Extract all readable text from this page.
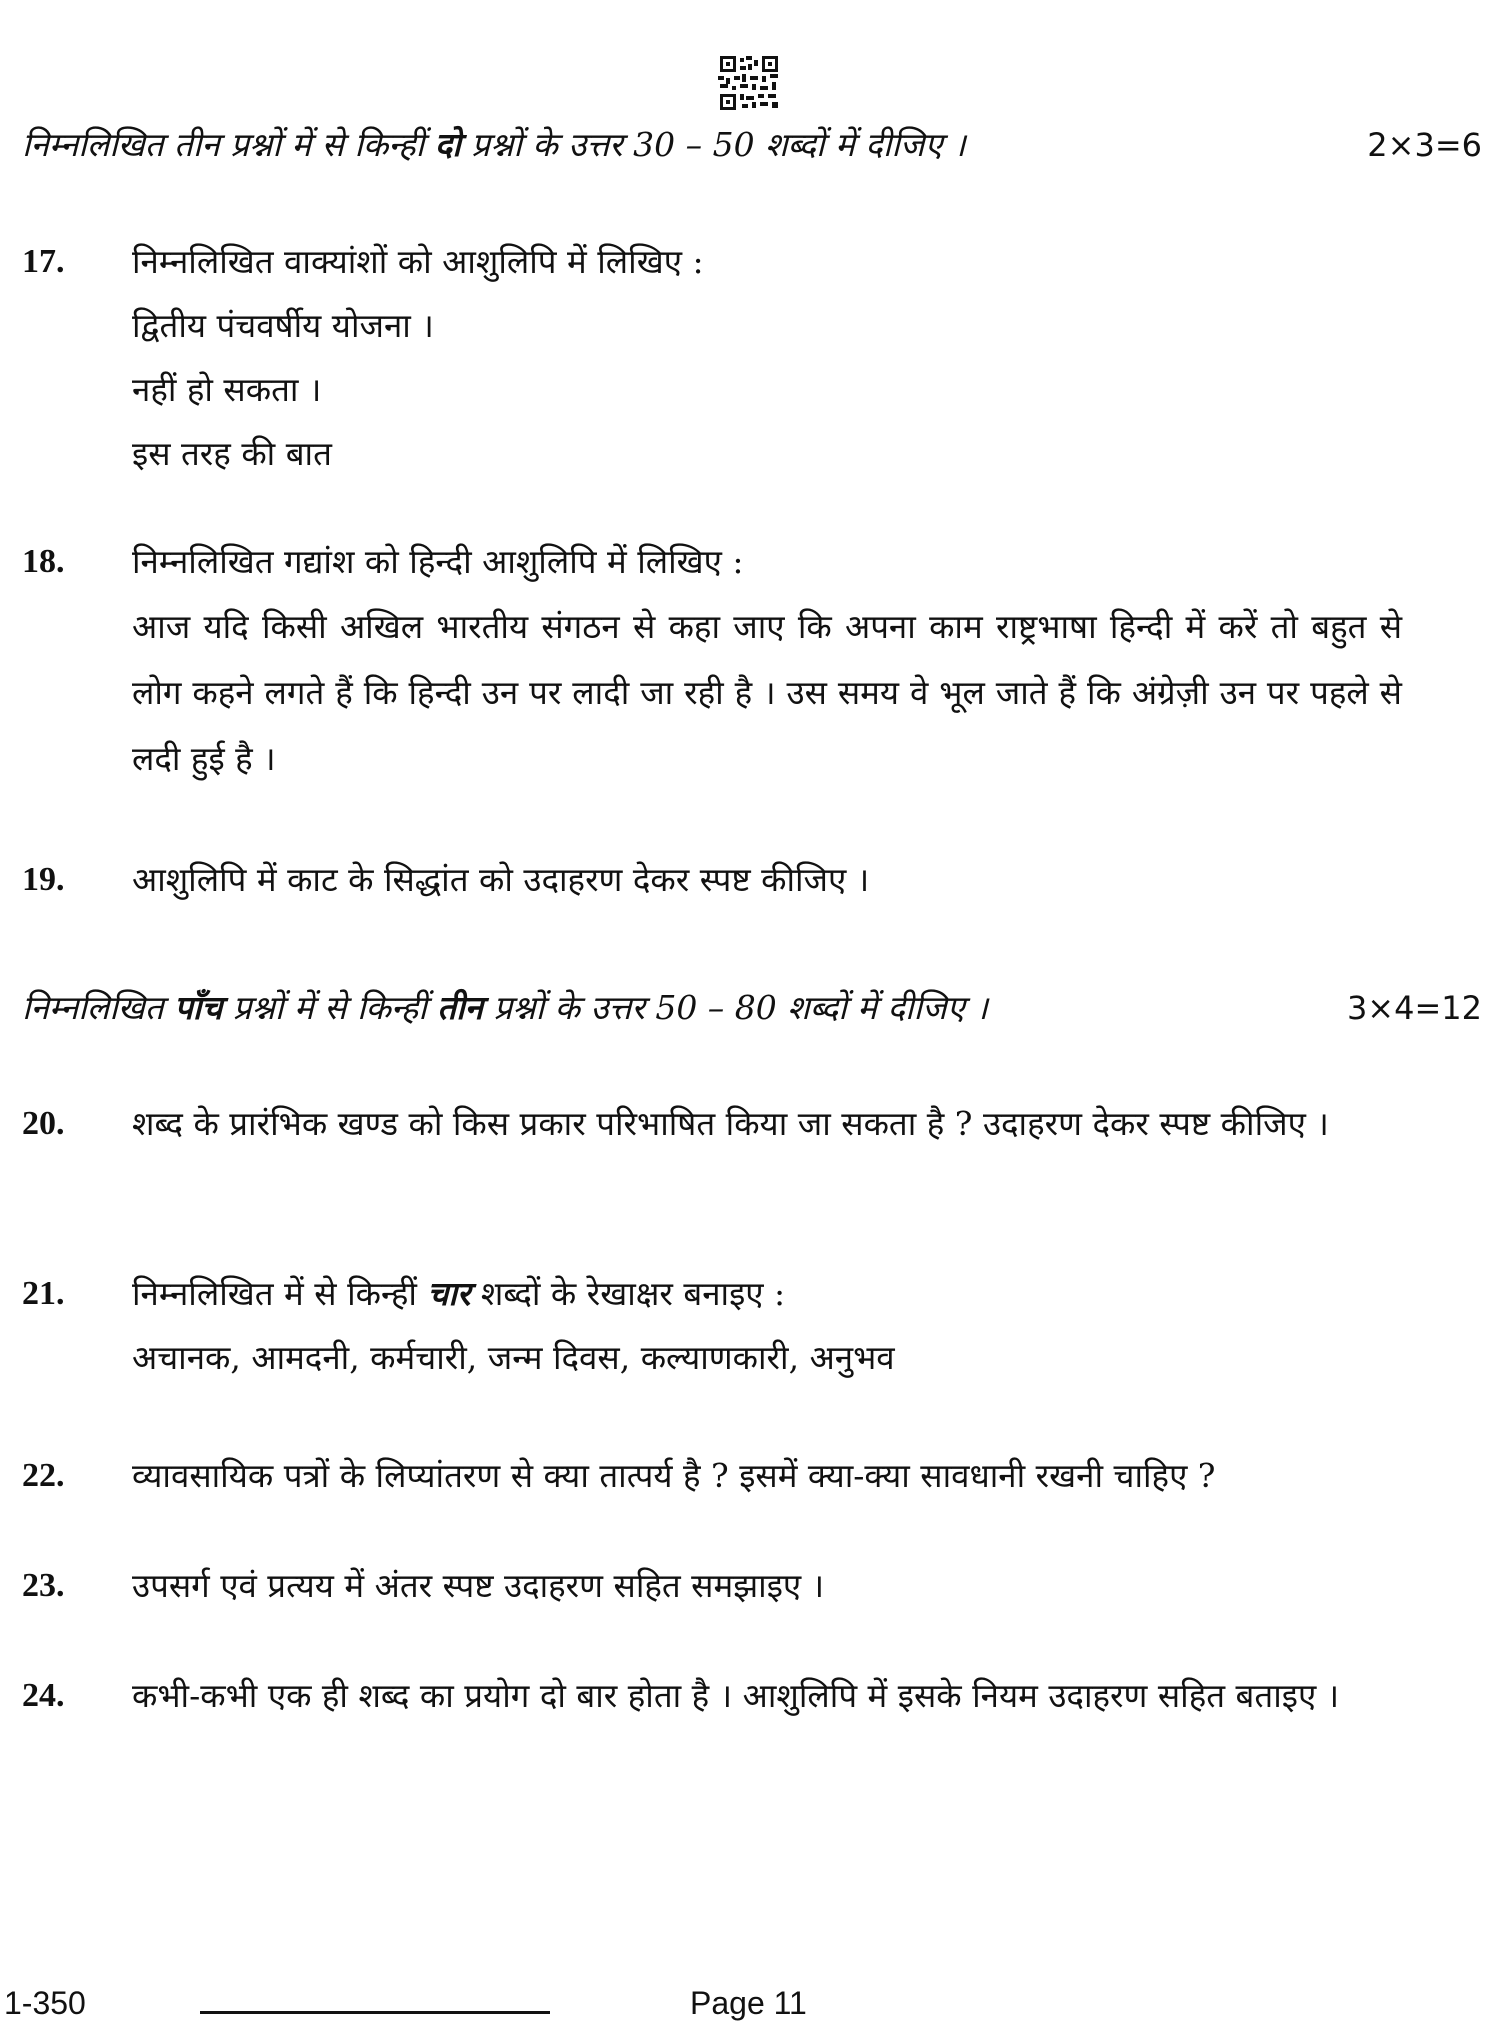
निम्नलिखित तीन प्रश्नों में से किन्हीं दो प्रश्नों के उत्तर 30 – 50 शब्दों में दीजिए ।	2×3=6
17.	निम्नलिखित वाक्यांशों को आशुलिपि में लिखिए :
द्वितीय पंचवर्षीय योजना ।
नहीं हो सकता ।
इस तरह की बात
18.	निम्नलिखित गद्यांश को हिन्दी आशुलिपि में लिखिए :
आज यदि किसी अखिल भारतीय संगठन से कहा जाए कि अपना काम राष्ट्रभाषा हिन्दी में करें तो बहुत से लोग कहने लगते हैं कि हिन्दी उन पर लादी जा रही है । उस समय वे भूल जाते हैं कि अंग्रेज़ी उन पर पहले से लदी हुई है ।
19.	आशुलिपि में काट के सिद्धांत को उदाहरण देकर स्पष्ट कीजिए ।
निम्नलिखित पाँच प्रश्नों में से किन्हीं तीन प्रश्नों के उत्तर 50 – 80 शब्दों में दीजिए ।	3×4=12
20.	शब्द के प्रारंभिक खण्ड को किस प्रकार परिभाषित किया जा सकता है ? उदाहरण देकर स्पष्ट कीजिए ।
21.	निम्नलिखित में से किन्हीं चार शब्दों के रेखाक्षर बनाइए :
अचानक, आमदनी, कर्मचारी, जन्म दिवस, कल्याणकारी, अनुभव
22.	व्यावसायिक पत्रों के लिप्यांतरण से क्या तात्पर्य है ? इसमें क्या-क्या सावधानी रखनी चाहिए ?
23.	उपसर्ग एवं प्रत्यय में अंतर स्पष्ट उदाहरण सहित समझाइए ।
24.	कभी-कभी एक ही शब्द का प्रयोग दो बार होता है । आशुलिपि में इसके नियम उदाहरण सहित बताइए ।
1-350	Page 11
